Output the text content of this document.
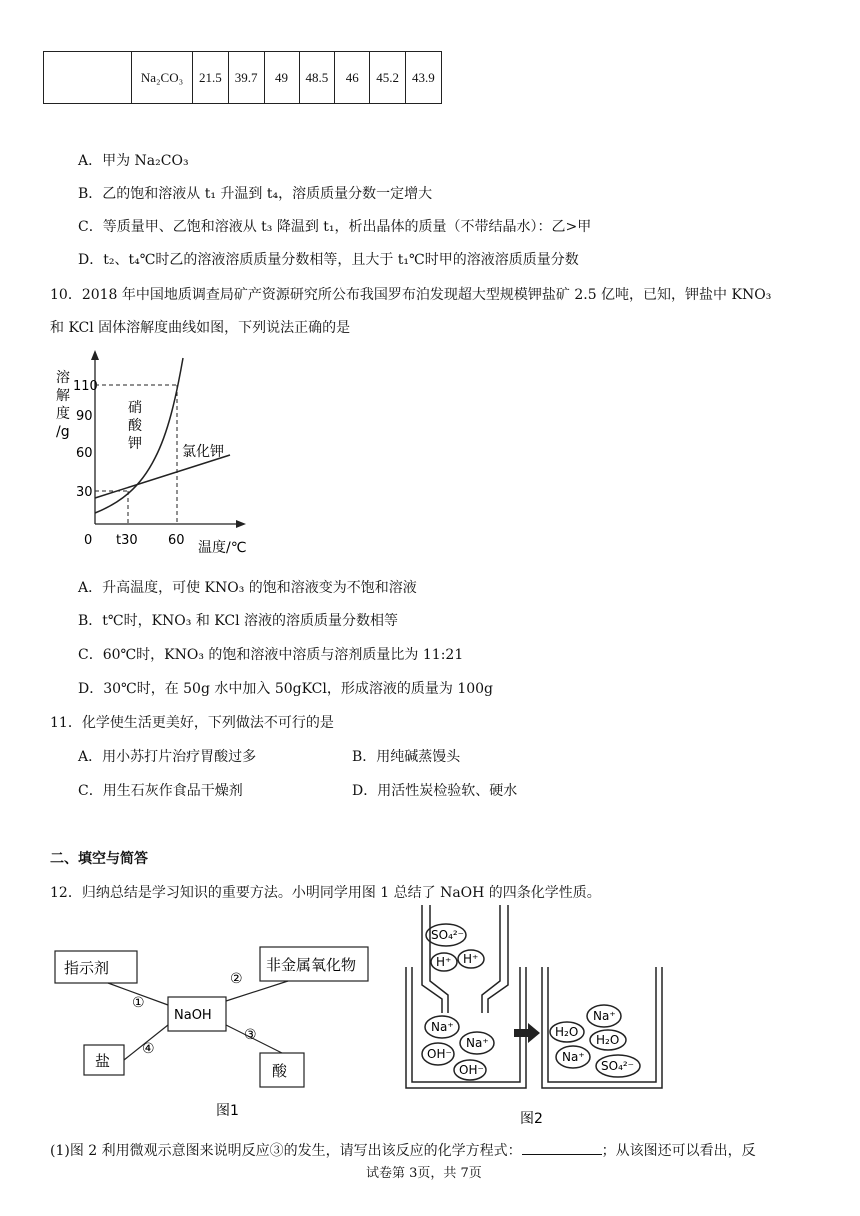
	Na₂CO₃	21.5	39.7	49	48.5	46	45.2	43.9
A．甲为 Na₂CO₃
B．乙的饱和溶液从 t₁ 升温到 t₄，溶质质量分数一定增大
C．等质量甲、乙饱和溶液从 t₃ 降温到 t₁，析出晶体的质量（不带结晶水）：乙>甲
D．t₂、t₄℃时乙的溶液溶质质量分数相等，且大于 t₁℃时甲的溶液溶质质量分数
10．2018 年中国地质调查局矿产资源研究所公布我国罗布泊发现超大型规模钾盐矿 2.5 亿吨，已知，钾盐中 KNO₃
和 KCl 固体溶解度曲线如图，下列说法正确的是
溶
解
度
/g
110
90
60
30
0 t30 60 温度/℃
硝
酸
钾	氯化钾
A．升高温度，可使 KNO₃ 的饱和溶液变为不饱和溶液
B．t℃时，KNO₃ 和 KCl 溶液的溶质质量分数相等
C．60℃时，KNO₃ 的饱和溶液中溶质与溶剂质量比为 11:21
D．30℃时，在 50g 水中加入 50gKCl，形成溶液的质量为 100g
11．化学使生活更美好，下列做法不可行的是
A．用小苏打片治疗胃酸过多	B．用纯碱蒸馒头
C．用生石灰作食品干燥剂	D．用活性炭检验软、硬水
二、填空与简答
12．归纳总结是学习知识的重要方法。小明同学用图 1 总结了 NaOH 的四条化学性质。
指示剂	非金属氧化物
NaOH
盐
酸
①
②
③
④
图1
SO₄²⁻
H⁺ H⁺
Na⁺
Na⁺
OH⁻
OH⁻
Na⁺
H₂O
H₂O
Na⁺
SO₄²⁻
图2
(1)图 2 利用微观示意图来说明反应③的发生，请写出该反应的化学方程式：	；从该图还可以看出，反
试卷第 3页，共 7页
